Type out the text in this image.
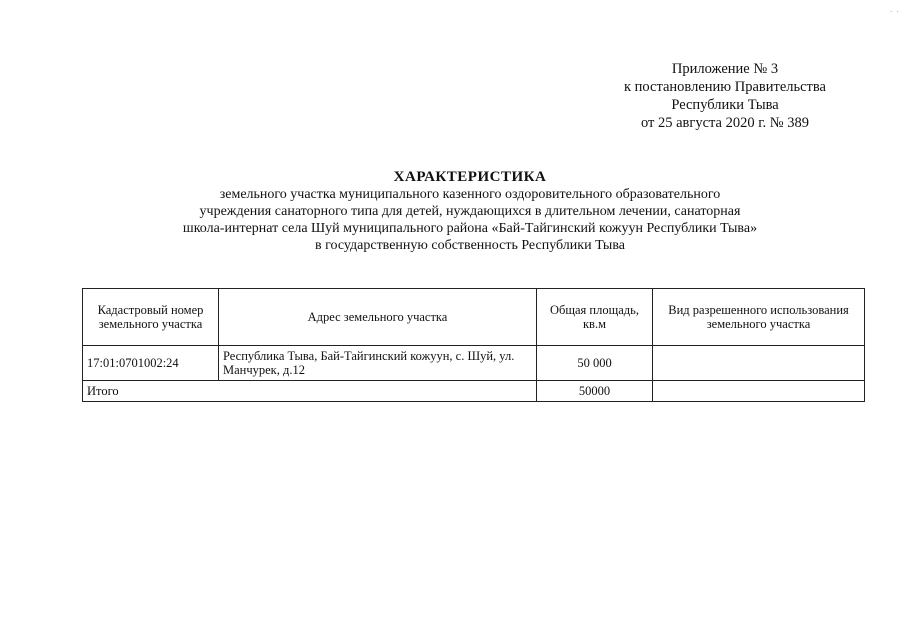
· ·
Приложение № 3
к постановлению Правительства
Республики Тыва
от 25 августа 2020 г. № 389
ХАРАКТЕРИСТИКА
земельного участка муниципального казенного оздоровительного образовательного
учреждения санаторного типа для детей, нуждающихся в длительном лечении, санаторная
школа-интернат села Шуй муниципального района «Бай-Тайгинский кожуун Республики Тыва»
в государственную собственность Республики Тыва
Кадастровый номер земельного участка	Адрес земельного участка	Общая площадь, кв.м	Вид разрешенного использования земельного участка
17:01:0701002:24	Республика Тыва, Бай-Тайгинский кожуун, с. Шуй, ул. Манчурек, д.12	50 000	
Итого		50000	
